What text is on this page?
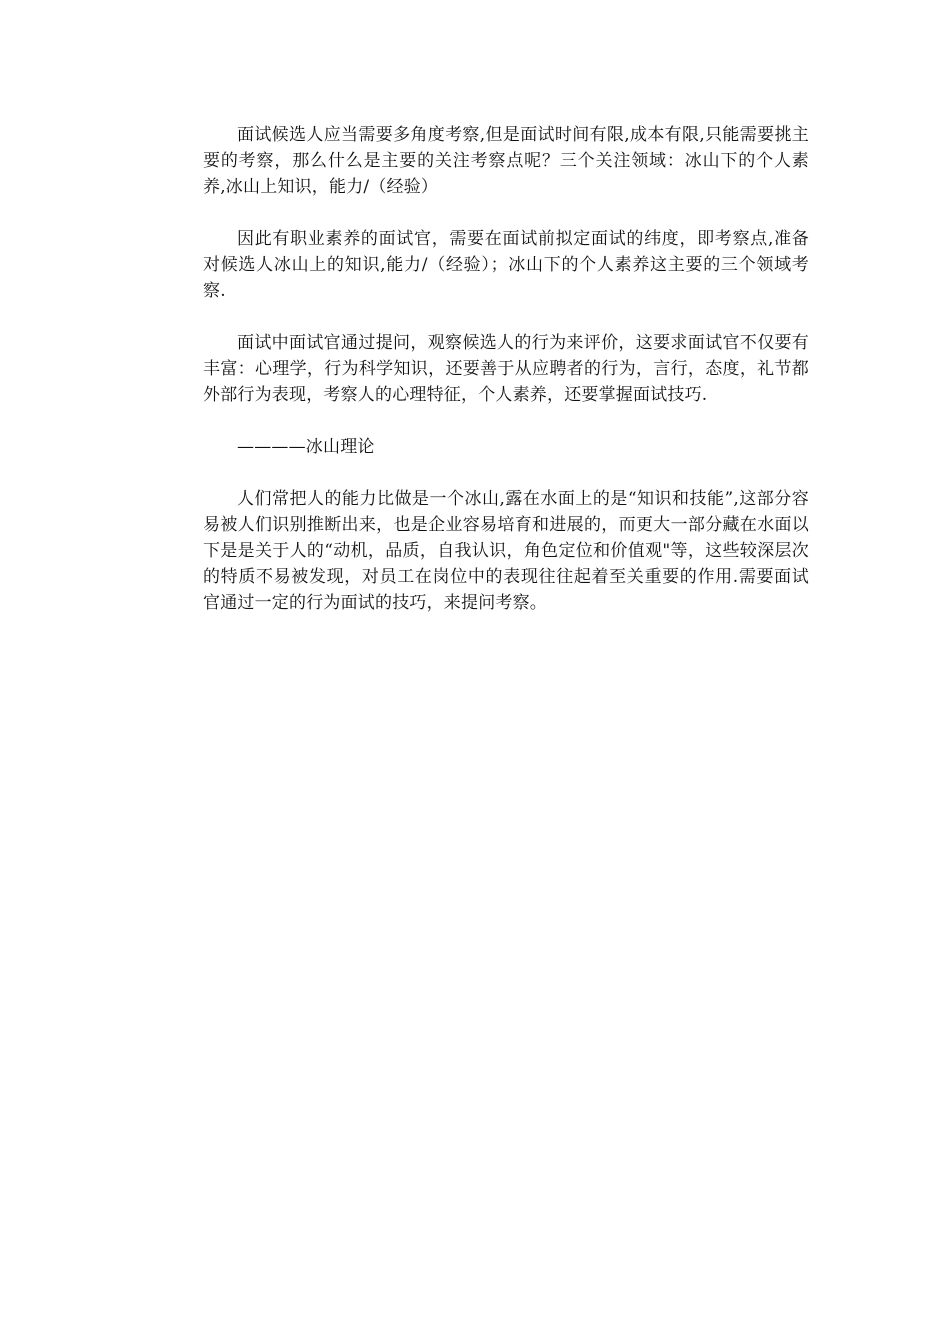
面试候选人应当需要多角度考察,但是面试时间有限,成本有限,只能需要挑主要的考察，那么什么是主要的关注考察点呢？三个关注领域：冰山下的个人素养,冰山上知识，能力/（经验）

因此有职业素养的面试官，需要在面试前拟定面试的纬度，即考察点,准备对候选人冰山上的知识,能力/（经验）；冰山下的个人素养这主要的三个领域考察.

面试中面试官通过提问，观察候选人的行为来评价，这要求面试官不仅要有丰富：心理学，行为科学知识，还要善于从应聘者的行为，言行，态度，礼节都外部行为表现，考察人的心理特征，个人素养，还要掌握面试技巧.

————冰山理论

人们常把人的能力比做是一个冰山,露在水面上的是“知识和技能”,这部分容易被人们识别推断出来，也是企业容易培育和进展的，而更大一部分藏在水面以下是是关于人的“动机，品质，自我认识，角色定位和价值观"等，这些较深层次的特质不易被发现，对员工在岗位中的表现往往起着至关重要的作用.需要面试官通过一定的行为面试的技巧，来提问考察。
